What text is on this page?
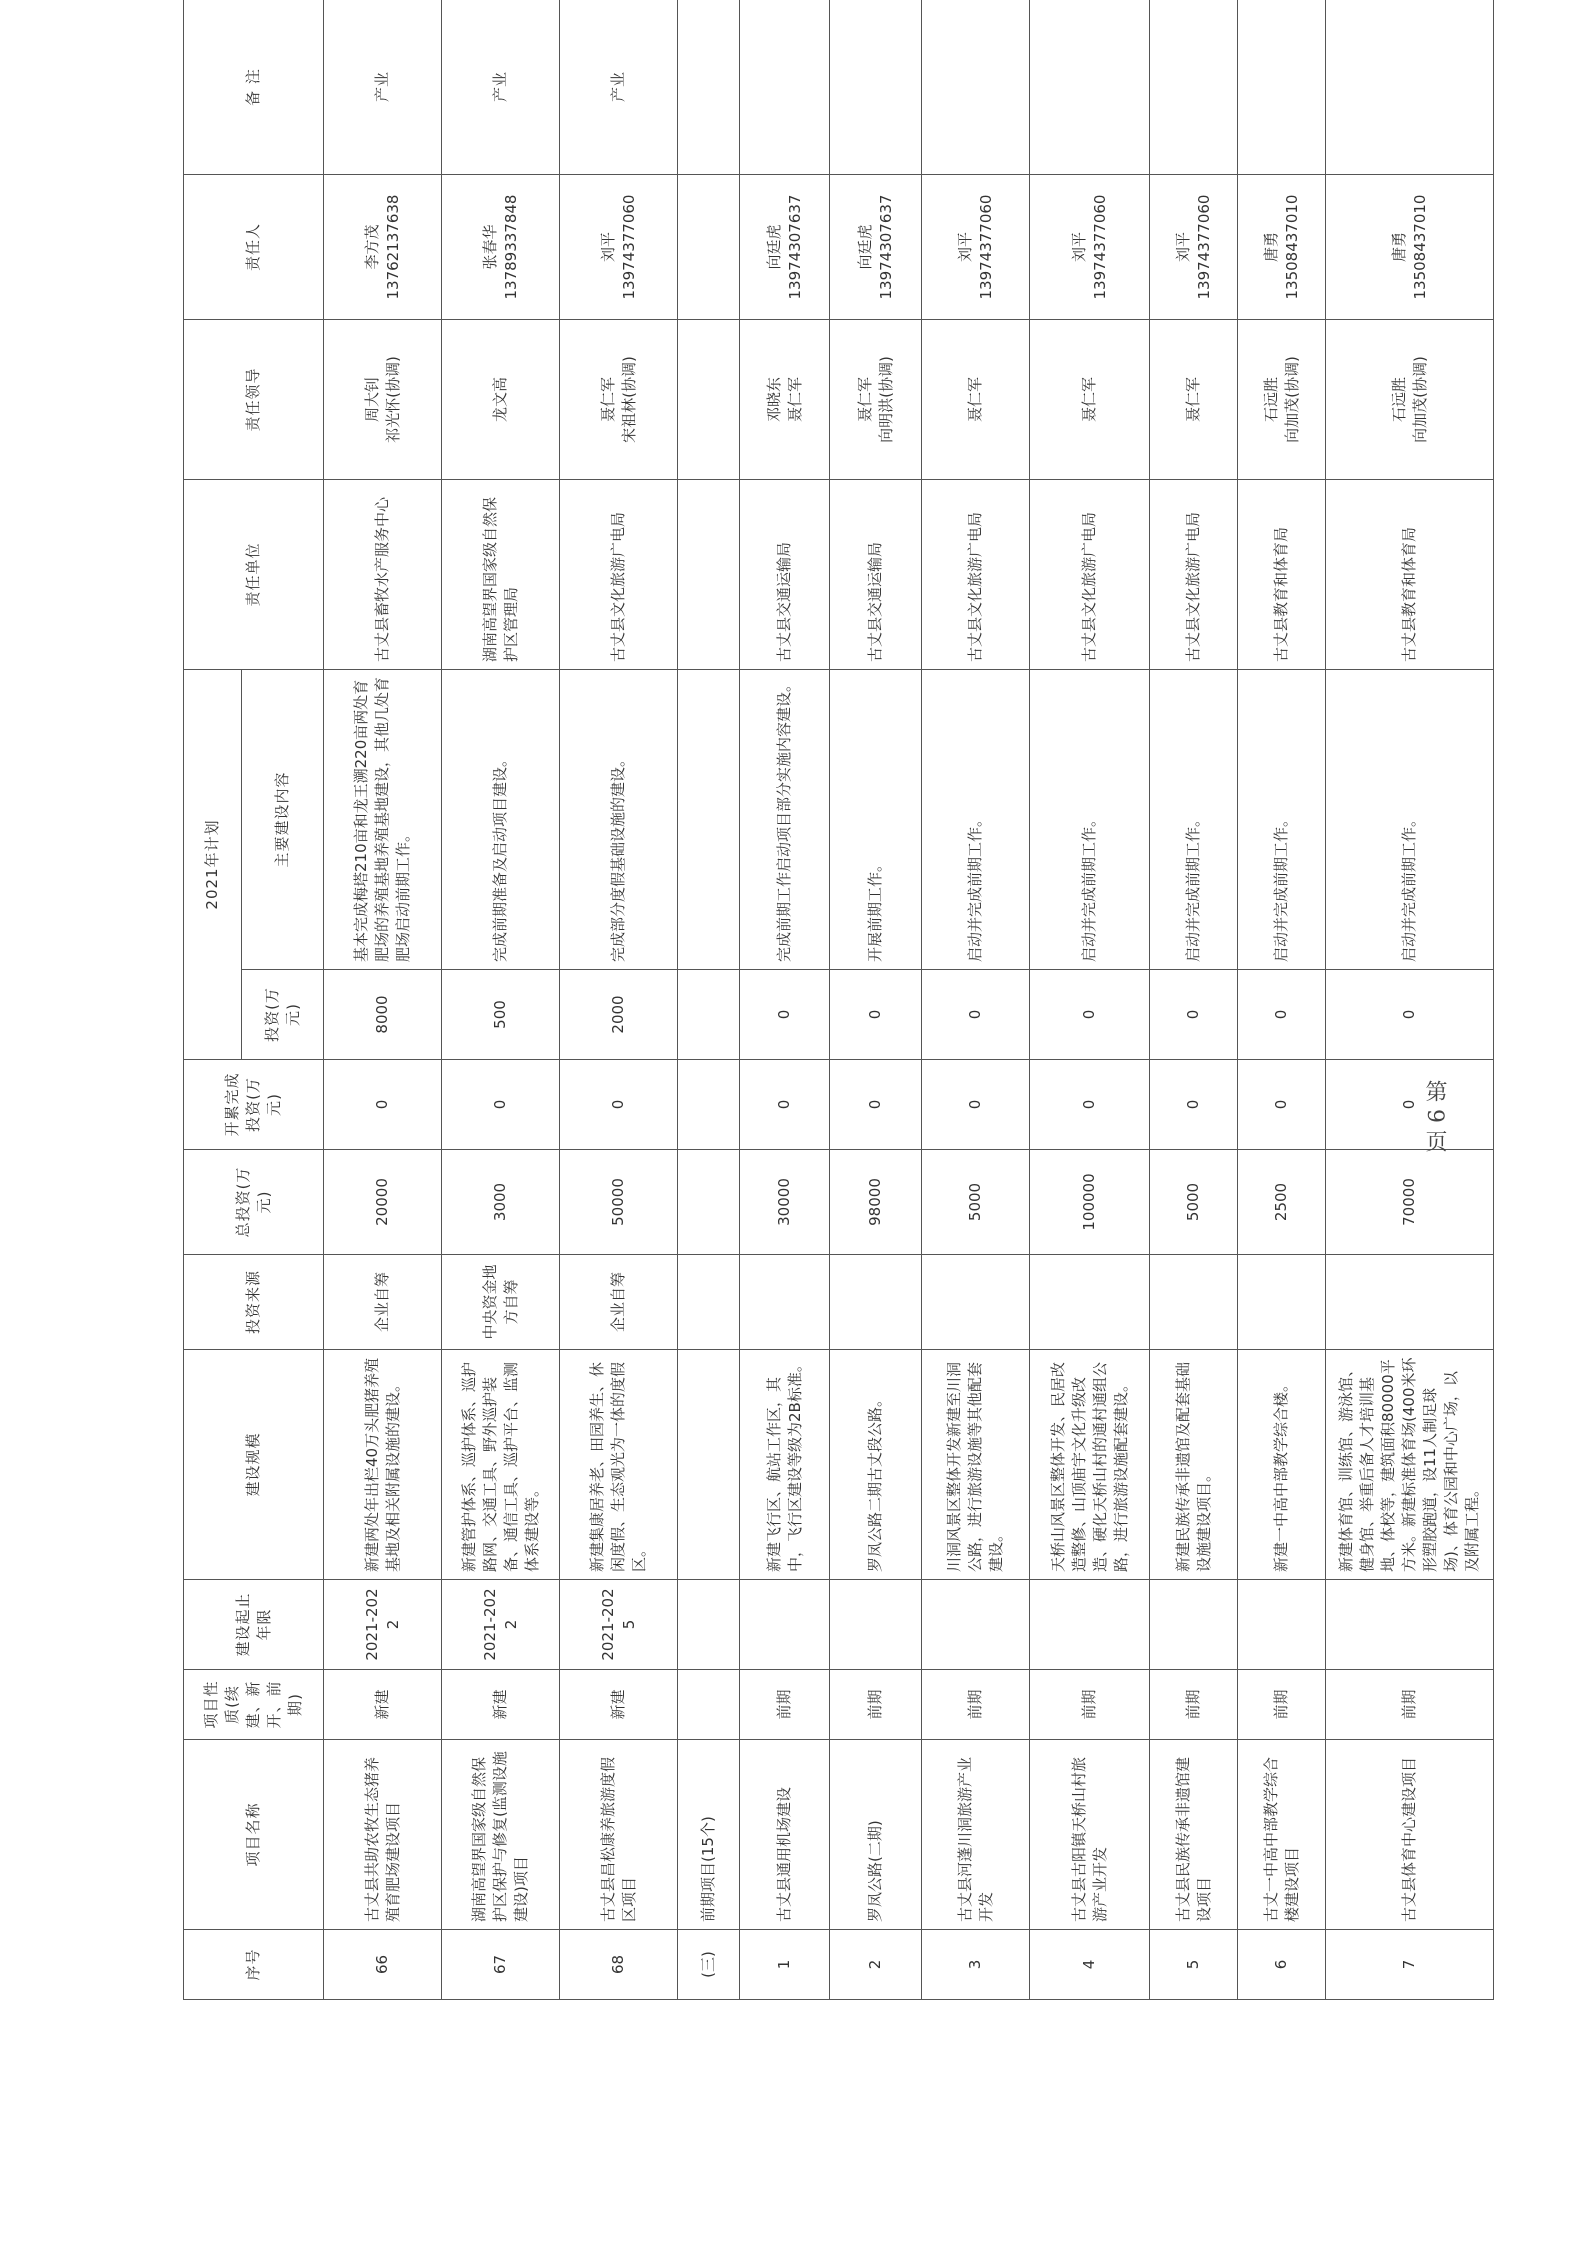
序号	项目名称	项目性质(续建、新开、前期)	建设起止年限	建设规模	投资来源	总投资(万元)	开累完成投资(万元)	2021年计划		责任单位	责任领导	责任人	备 注
								投资(万元)	主要建设内容				
66	古丈县共助农牧生态猪养殖育肥场建设项目	新建	2021-2022	新建两处年出栏40万头肥猪养殖基地及相关附属设施的建设。	企业自筹	20000	0	8000	基本完成梅塔210亩和龙王溯220亩两处育肥场的养殖基地养殖基地建设，其他几处育肥场启动前期工作。	古丈县畜牧水产服务中心	周大钊 祁光怀(协调)	李方茂 13762137638	产业
67	湖南高望界国家级自然保护区保护与修复(监测设施建设)项目	新建	2021-2022	新建管护体系、巡护体系、巡护路网、交通工具、野外巡护装备、通信工具、巡护平台、监测体系建设等。	中央资金地方自筹	3000	0	500	完成前期准备及启动项目建设。	湖南高望界国家级自然保护区管理局	龙文高	张春华 13789337848	产业
68	古丈县昌松康养旅游度假区项目	新建	2021-2025	新建集康居养老、田园养生、休闲度假、生态观光为一体的度假区。	企业自筹	50000	0	2000	完成部分度假基础设施的建设。	古丈县文化旅游广电局	聂仁军 宋祖林(协调)	刘平 13974377060	产业
(三)	前期项目(15个)												
1	古丈县通用机场建设	前期		新建飞行区、航站工作区，其中，飞行区建设等级为2B标准。		30000	0	0	完成前期工作启动项目部分实施内容建设。	古丈县交通运输局	邓晓东 聂仁军	向廷虎 13974307637	
2	罗凤公路(二期)	前期		罗凤公路二期古丈段公路。		98000	0	0	开展前期工作。	古丈县交通运输局	聂仁军 向明洪(协调)	向廷虎 13974307637	
3	古丈县河蓬川洞旅游产业开发	前期		川洞风景区整体开发新建至川洞公路，进行旅游设施等其他配套建设。		5000	0	0	启动并完成前期工作。	古丈县文化旅游广电局	聂仁军	刘平 13974377060	
4	古丈县古阳镇天桥山村旅游产业开发	前期		天桥山风景区整体开发、民居改造整修、山顶庙宇文化升级改造、硬化天桥山村的通村通组公路，进行旅游设施配套建设。		100000	0	0	启动并完成前期工作。	古丈县文化旅游广电局	聂仁军	刘平 13974377060	
5	古丈县民族传承非遗馆建设项目	前期		新建民族传承非遗馆及配套基础设施建设项目。		5000	0	0	启动并完成前期工作。	古丈县文化旅游广电局	聂仁军	刘平 13974377060	
6	古丈一中高中部教学综合楼建设项目	前期		新建一中高中部教学综合楼。		2500	0	0	启动并完成前期工作。	古丈县教育和体育局	石远胜 向加茂(协调)	唐勇 13508437010	
7	古丈县体育中心建设项目	前期		新建体育馆、训练馆、游泳馆、健身馆、举重后备人才培训基地、体校等，建筑面积80000平方米。新建标准体育场(400米环形塑胶跑道，设11人制足球场)、体育公园和中心广场，以及附属工程。		70000	0	0	启动并完成前期工作。	古丈县教育和体育局	石远胜 向加茂(协调)	唐勇 13508437010	
第 9 页
